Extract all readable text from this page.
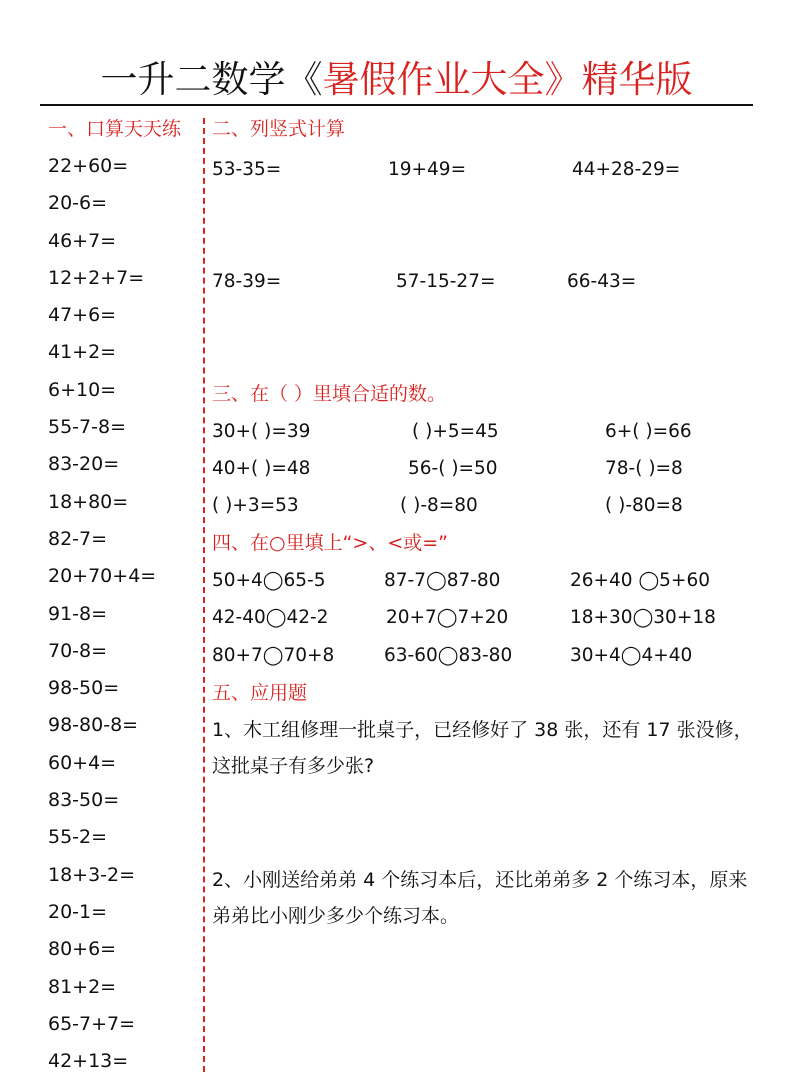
一升二数学《暑假作业大全》精华版
一、口算天天练
22+60=
20-6=
46+7=
12+2+7=
47+6=
41+2=
6+10=
55-7-8=
83-20=
18+80=
82-7=
20+70+4=
91-8=
70-8=
98-50=
98-80-8=
60+4=
83-50=
55-2=
18+3-2=
20-1=
80+6=
81+2=
65-7+7=
42+13=
二、列竖式计算
53-35=	19+49=	44+28-29=
78-39=	57-15-27=	66-43=
三、在（ ）里填合适的数。
30+( )=39	( )+5=45	6+( )=66
40+( )=48	56-( )=50	78-( )=8
( )+3=53	( )-8=80	( )-80=8
四、在○里填上“>、<或=”
50+4◯65-5	87-7◯87-80	26+40 ◯5+60
42-40◯42-2	20+7◯7+20	18+30◯30+18
80+7◯70+8	63-60◯83-80	30+4◯4+40
五、应用题
1、木工组修理一批桌子，已经修好了 38 张，还有 17 张没修，这批桌子有多少张?
2、小刚送给弟弟 4 个练习本后，还比弟弟多 2 个练习本，原来弟弟比小刚少多少个练习本。
